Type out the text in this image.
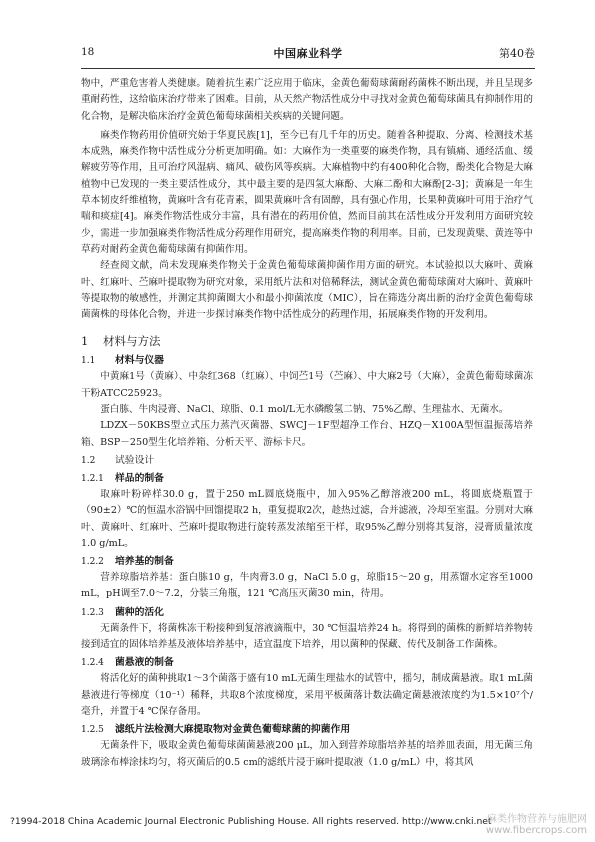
18	中国麻业科学	第40卷

物中，严重危害着人类健康。随着抗生素广泛应用于临床，金黄色葡萄球菌耐药菌株不断出现，并且呈现多重耐药性，这给临床治疗带来了困难。目前，从天然产物活性成分中寻找对金黄色葡萄球菌具有抑制作用的化合物，是解决临床治疗金黄色葡萄球菌相关疾病的关键问题。

麻类作物药用价值研究始于华夏民族[1]，至今已有几千年的历史。随着各种提取、分离、检测技术基本成熟，麻类作物中活性成分分析更加明确。如：大麻作为一类重要的麻类作物，具有镇痛、通经活血、缓解疲劳等作用，且可治疗风湿病、痛风、破伤风等疾病。大麻植物中约有400种化合物，酚类化合物是大麻植物中已发现的一类主要活性成分，其中最主要的是四氢大麻酚、大麻二酚和大麻酚[2-3]；黄麻是一年生草本韧皮纤维植物，黄麻叶含有花青素，圆果黄麻叶含有固醇，具有强心作用，长果种黄麻叶可用于治疗气喘和痰症[4]。麻类作物活性成分丰富，具有潜在的药用价值，然而目前其在活性成分开发利用方面研究较少，需进一步加强麻类作物活性成分药理作用研究，提高麻类作物的利用率。目前，已发现黄檗、黄连等中草药对耐药金黄色葡萄球菌有抑菌作用。

经查阅文献，尚未发现麻类作物关于金黄色葡萄球菌抑菌作用方面的研究。本试验拟以大麻叶、黄麻叶、红麻叶、苎麻叶提取物为研究对象，采用纸片法和对倍稀释法，测试金黄色葡萄球菌对大麻叶、黄麻叶等提取物的敏感性，并测定其抑菌圈大小和最小抑菌浓度（MIC），旨在筛选分离出新的治疗金黄色葡萄球菌菌株的母体化合物，并进一步探讨麻类作物中活性成分的药理作用，拓展麻类作物的开发利用。

1 材料与方法
1.1 材料与仪器

中黄麻1号（黄麻）、中杂红368（红麻）、中饲苎1号（苎麻）、中大麻2号（大麻），金黄色葡萄球菌冻干粉ATCC25923。

蛋白胨、牛肉浸膏、NaCl、琼脂、0.1 mol/L无水磷酸氢二钠、75%乙醇、生理盐水、无菌水。

LDZX－50KBS型立式压力蒸汽灭菌器、SWCJ－1F型超净工作台、HZQ－X100A型恒温振荡培养箱、BSP－250型生化培养箱、分析天平、游标卡尺。

1.2 试验设计
1.2.1 样品的制备

取麻叶粉碎样30.0 g，置于250 mL圆底烧瓶中，加入95%乙醇溶液200 mL，将圆底烧瓶置于（90±2）℃的恒温水浴锅中回馏提取2 h，重复提取2次，趁热过滤，合并滤液，冷却至室温。分别对大麻叶、黄麻叶、红麻叶、苎麻叶提取物进行旋转蒸发浓缩至干样，取95%乙醇分别将其复溶，浸膏质量浓度1.0 g/mL。

1.2.2 培养基的制备

营养琼脂培养基：蛋白胨10 g，牛肉膏3.0 g，NaCl 5.0 g，琼脂15～20 g，用蒸馏水定容至1000 mL，pH调至7.0～7.2，分装三角瓶，121 ℃高压灭菌30 min，待用。

1.2.3 菌种的活化

无菌条件下，将菌株冻干粉接种到复溶液滴瓶中，30 ℃恒温培养24 h。将得到的菌株的新鲜培养物转接到适宜的固体培养基及液体培养基中，适宜温度下培养，用以菌种的保藏、传代及制备工作菌株。

1.2.4 菌悬液的制备

将活化好的菌种挑取1～3个菌落于盛有10 mL无菌生理盐水的试管中，摇匀，制成菌悬液。取1 mL菌悬液进行等梯度（10⁻¹）稀释，共取8个浓度梯度，采用平板菌落计数法确定菌悬液浓度约为1.5×10⁷个/毫升，并置于4 ℃保存备用。

1.2.5 滤纸片法检测大麻提取物对金黄色葡萄球菌的抑菌作用

无菌条件下，吸取金黄色葡萄球菌菌悬液200 μL，加入到营养琼脂培养基的培养皿表面，用无菌三角玻璃涂布棒涂抹均匀，将灭菌后的0.5 cm的滤纸片浸于麻叶提取液（1.0 g/mL）中，将其风

?1994-2018 China Academic Journal Electronic Publishing House. All rights reserved. http://www.cnki.net
麻类作物营养与施肥网
www.fibercrops.com
